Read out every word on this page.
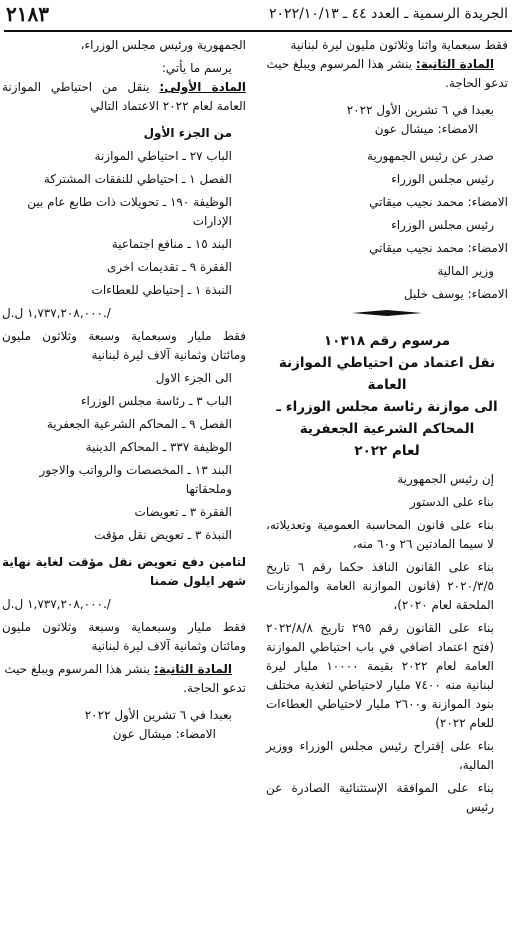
٢١٨٣	الجريدة الرسمية ـ العدد ٤٤ ـ ٢٠٢٢/١٠/١٣

فقط سبعماية واثنا وثلاثون مليون ليرة لبنانية

المادة الثانية: ينشر هذا المرسوم ويبلغ حيث

تدعو الحاجة.

بعبدا في ٦ تشرين الأول ٢٠٢٢

الامضاء: ميشال عون

صدر عن رئيس الجمهورية

رئيس مجلس الوزراء

الامضاء: محمد نجيب ميقاتي

رئيس مجلس الوزراء

الامضاء: محمد نجيب ميقاتي

وزير المالية

الامضاء: يوسف خليل

مرسوم رقم ١٠٣١٨

نقل اعتماد من احتياطي الموازنة العامة

الى موازنة رئاسة مجلس الوزراء ـ

المحاكم الشرعية الجعفرية

لعام ٢٠٢٢

إن رئيس الجمهورية

بناء على الدستور

بناء على قانون المحاسبة العمومية وتعديلاته، لا سيما المادتين ٢٦ و٦٠ منه،

بناء على القانون النافذ حكما رقم ٦ تاريخ ٢٠٢٠/٣/٥ (قانون الموازنة العامة والموازنات الملحقة لعام ٢٠٢٠)،

بناء على القانون رقم ٢٩٥ تاريخ ٢٠٢٢/٨/٨ (فتح اعتماد اضافي في باب احتياطي الموازنة العامة لعام ٢٠٢٢ بقيمة ١٠٠٠٠ مليار ليرة لبنانية منه ٧٤٠٠ مليار لاحتياطي لتغذية مختلف بنود الموازنة و٢٦٠٠ مليار لاحتياطي العطاءات للعام ٢٠٢٢)

بناء على إقتراح رئيس مجلس الوزراء ووزير المالية،

بناء على الموافقة الإستثنائية الصادرة عن رئيس

الجمهورية ورئيس مجلس الوزراء،

يرسم ما يأتي:

المادة الأولى: ينقل من احتياطي الموازنة العامة لعام ٢٠٢٢ الاعتماد التالي

من الجزء الأول

الباب ٢٧ ـ احتياطي الموازنة

الفصل ١ ـ احتياطي للنفقات المشتركة

الوظيفة ١٩٠ ـ تحويلات ذات طابع عام بين الإدارات

البند ١٥ ـ منافع اجتماعية

الفقرة ٩ ـ تقديمات اخرى

النبذة ١ ـ إحتياطي للعطاءات

١,٧٣٧,٢٠٨,٠٠٠ ل.ل./

فقط مليار وسبعماية وسبعة وثلاثون مليون ومائتان وثمانية آلاف ليرة لبنانية

الى الجزء الاول

الباب ٣ ـ رئاسة مجلس الوزراء

الفصل ٩ ـ المحاكم الشرعية الجعفرية

الوظيفة ٣٣٧ ـ المحاكم الدينية

البند ١٣ ـ المخصصات والرواتب والاجور وملحقاتها

الفقرة ٣ ـ تعويضات

النبذة ٣ ـ تعويض نقل مؤقت

لتامين دفع تعويض نقل مؤقت لغاية نهاية شهر ايلول ضمنا

١,٧٣٧,٢٠٨,٠٠٠ ل.ل./

فقط مليار وسبعماية وسبعة وثلاثون مليون ومائتان وثمانية آلاف ليرة لبنانية

المادة الثانية: ينشر هذا المرسوم ويبلغ حيث

تدعو الحاجة.

بعبدا في ٦ تشرين الأول ٢٠٢٢

الامضاء: ميشال عون
